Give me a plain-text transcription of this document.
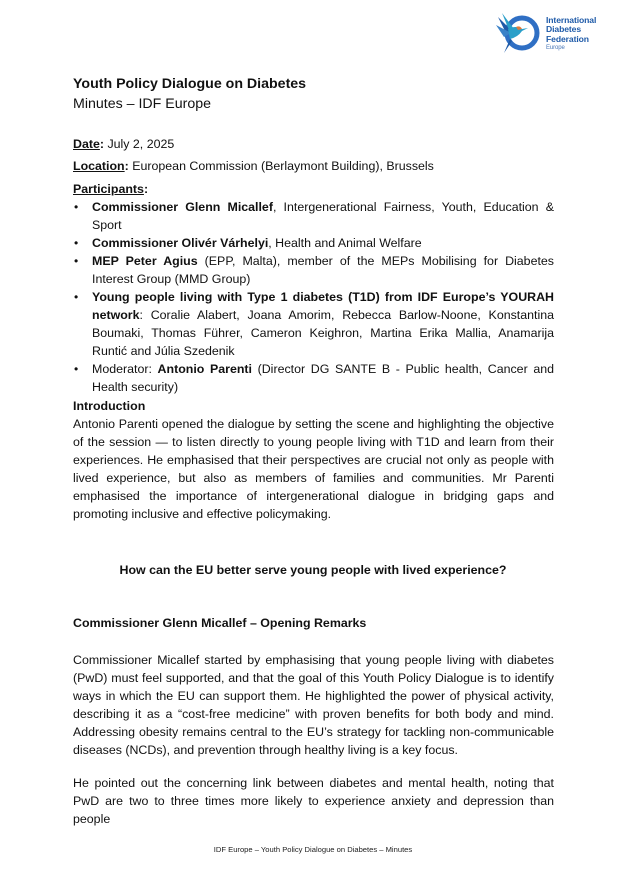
International
Diabetes
Federation
Europe
Youth Policy Dialogue on Diabetes
Minutes – IDF Europe
Date: July 2, 2025
Location: European Commission (Berlaymont Building), Brussels
Participants:
• Commissioner Glenn Micallef, Intergenerational Fairness, Youth, Education & Sport
• Commissioner Olivér Várhelyi, Health and Animal Welfare
• MEP Peter Agius (EPP, Malta), member of the MEPs Mobilising for Diabetes Interest Group (MMD Group)
• Young people living with Type 1 diabetes (T1D) from IDF Europe’s YOURAH network: Coralie Alabert, Joana Amorim, Rebecca Barlow-Noone, Konstantina Boumaki, Thomas Führer, Cameron Keighron, Martina Erika Mallia, Anamarija Runtić and Júlia Szedenik
• Moderator: Antonio Parenti (Director DG SANTE B - Public health, Cancer and Health security)
Introduction
Antonio Parenti opened the dialogue by setting the scene and highlighting the objective of the session — to listen directly to young people living with T1D and learn from their experiences. He emphasised that their perspectives are crucial not only as people with lived experience, but also as members of families and communities. Mr Parenti emphasised the importance of intergenerational dialogue in bridging gaps and promoting inclusive and effective policymaking.
How can the EU better serve young people with lived experience?
Commissioner Glenn Micallef – Opening Remarks
Commissioner Micallef started by emphasising that young people living with diabetes (PwD) must feel supported, and that the goal of this Youth Policy Dialogue is to identify ways in which the EU can support them. He highlighted the power of physical activity, describing it as a “cost-free medicine” with proven benefits for both body and mind. Addressing obesity remains central to the EU’s strategy for tackling non-communicable diseases (NCDs), and prevention through healthy living is a key focus.
He pointed out the concerning link between diabetes and mental health, noting that PwD are two to three times more likely to experience anxiety and depression than people
IDF Europe – Youth Policy Dialogue on Diabetes – Minutes
